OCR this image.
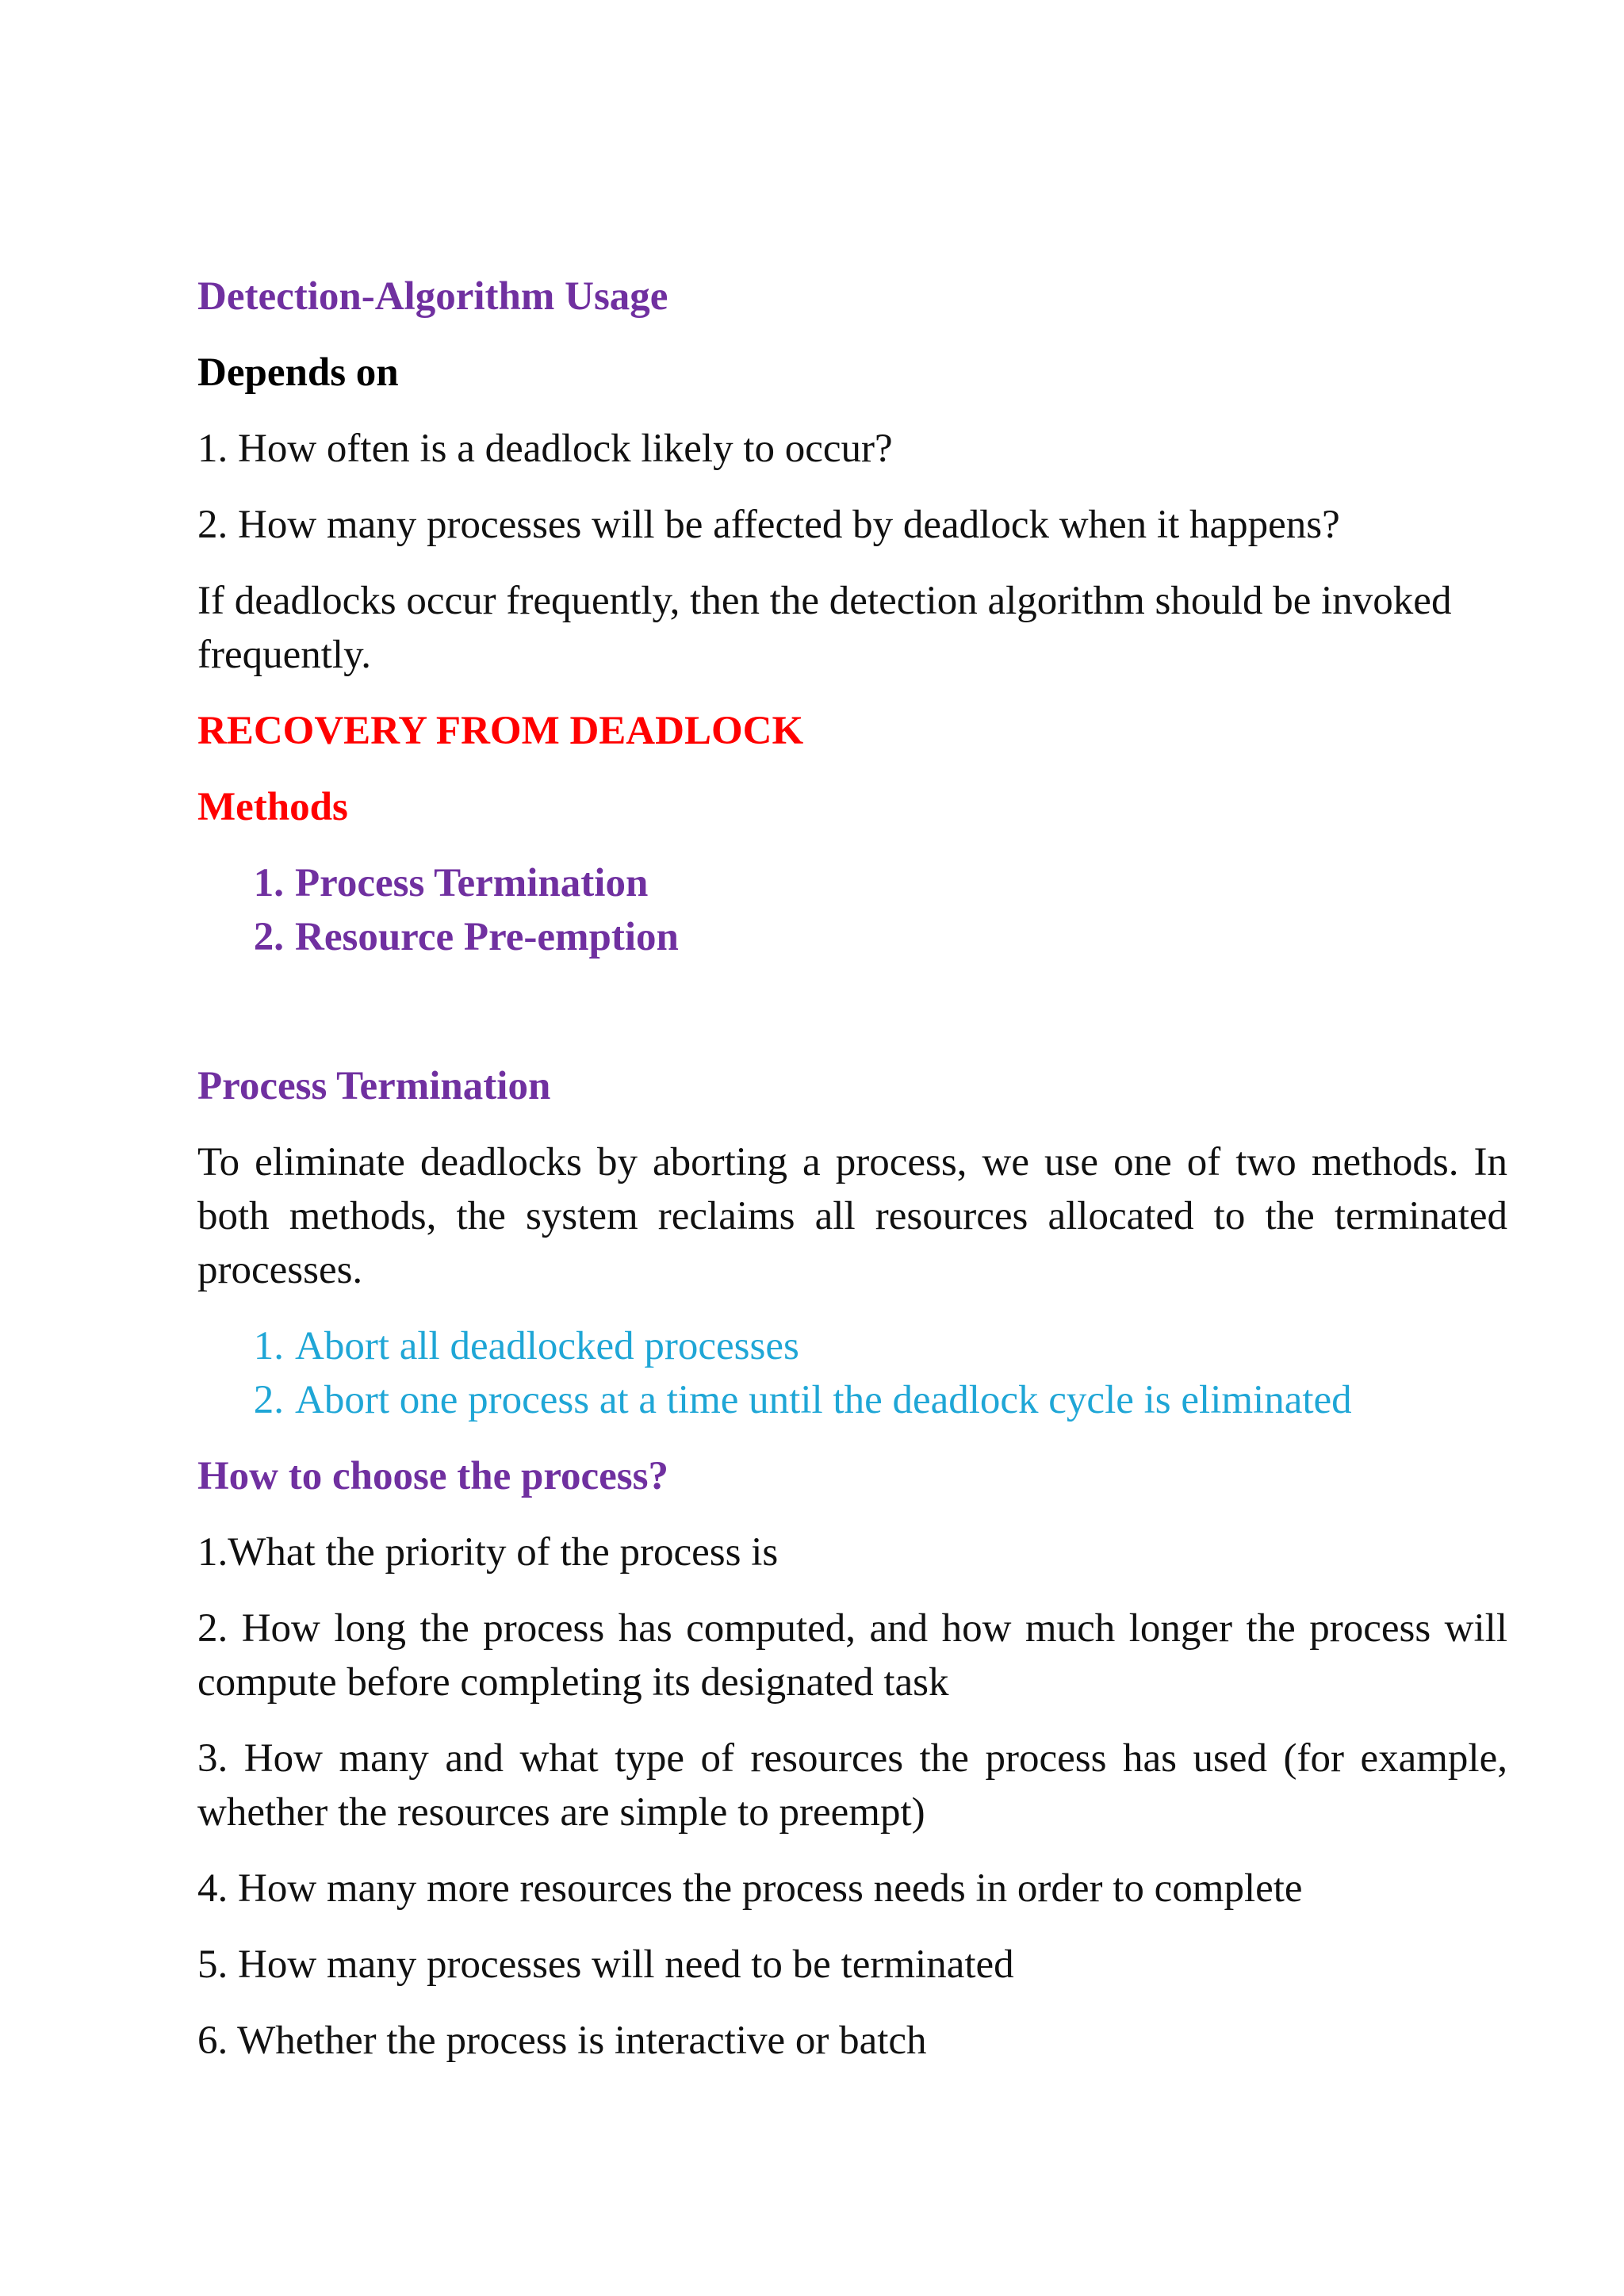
Detection-Algorithm Usage
Depends on

1. How often is a deadlock likely to occur?

2. How many processes will be affected by deadlock when it happens?

If deadlocks occur frequently, then the detection algorithm should be invoked frequently.

RECOVERY FROM DEADLOCK
Methods
1. Process Termination
2. Resource Pre-emption
Process Termination

To eliminate deadlocks by aborting a process, we use one of two methods. In both methods, the system reclaims all resources allocated to the terminated processes.

1. Abort all deadlocked processes
2. Abort one process at a time until the deadlock cycle is eliminated
How to choose the process?

1.What the priority of the process is

2. How long the process has computed, and how much longer the process will compute before completing its designated task

3. How many and what type of resources the process has used (for example, whether the resources are simple to preempt)

4. How many more resources the process needs in order to complete

5. How many processes will need to be terminated

6. Whether the process is interactive or batch
